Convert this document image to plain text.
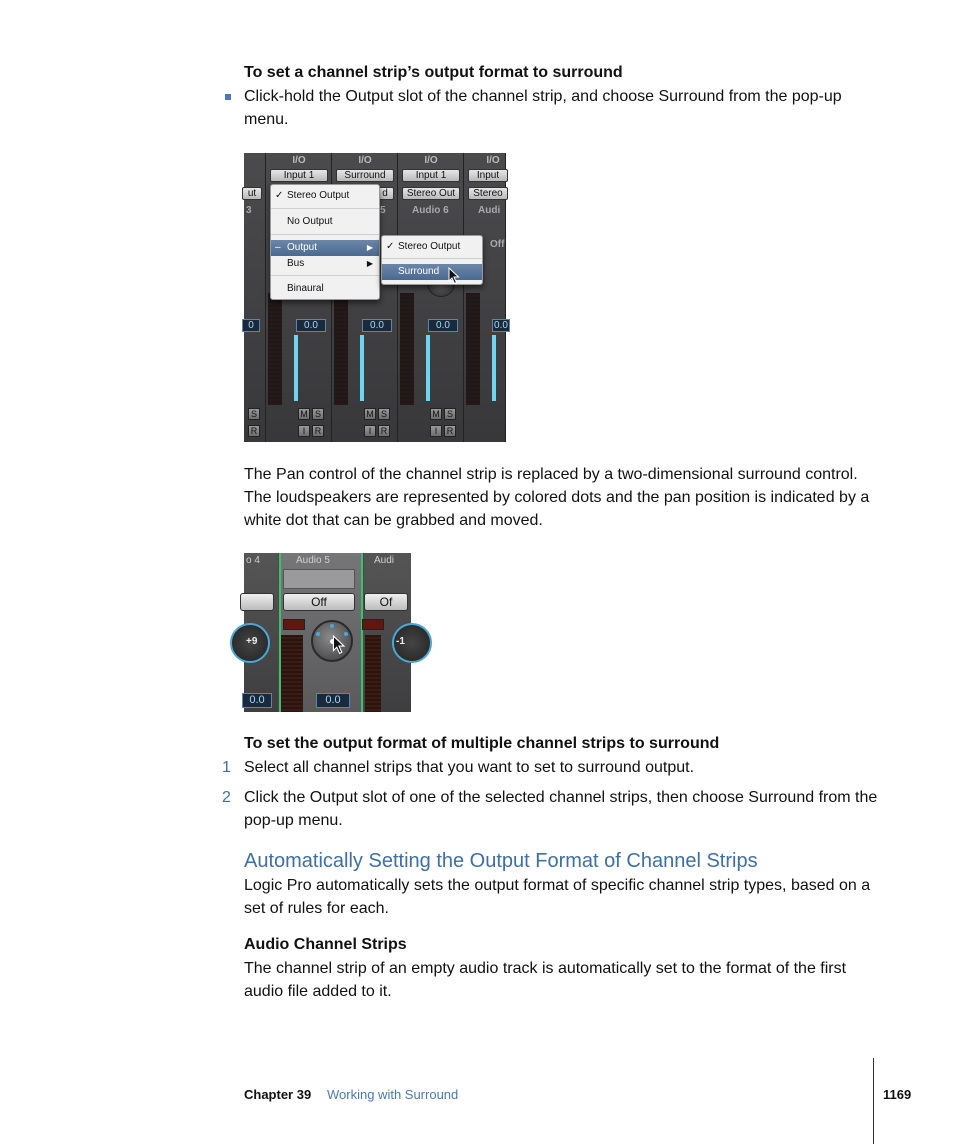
To set a channel strip’s output format to surround
Click-hold the Output slot of the channel strip, and choose Surround from the pop-up menu.
I/O	I/O	I/O	I/O
Input 1	Surround	Input 1	Input
ut	d	Stereo Out	Stereo
3	5	Audio 6	Audi
Off
0	0.0	0.0	0.0	0.0
S	M S	M S	M S
R	I	R	I	R	I	R
✓ Stereo Output
No Output
– Output	▶
Bus	▶
Binaural
✓ Stereo Output
Surround
The Pan control of the channel strip is replaced by a two-dimensional surround control. The loudspeakers are represented by colored dots and the pan position is indicated by a white dot that can be grabbed and moved.
o 4	Audio 5	Audi
Off	Of
+9	-1
0.0	0.0
To set the output format of multiple channel strips to surround
1 Select all channel strips that you want to set to surround output.
2 Click the Output slot of one of the selected channel strips, then choose Surround from the pop-up menu.
Automatically Setting the Output Format of Channel Strips
Logic Pro automatically sets the output format of specific channel strip types, based on a set of rules for each.
Audio Channel Strips
The channel strip of an empty audio track is automatically set to the format of the first audio file added to it.
Chapter 39 Working with Surround	1169
